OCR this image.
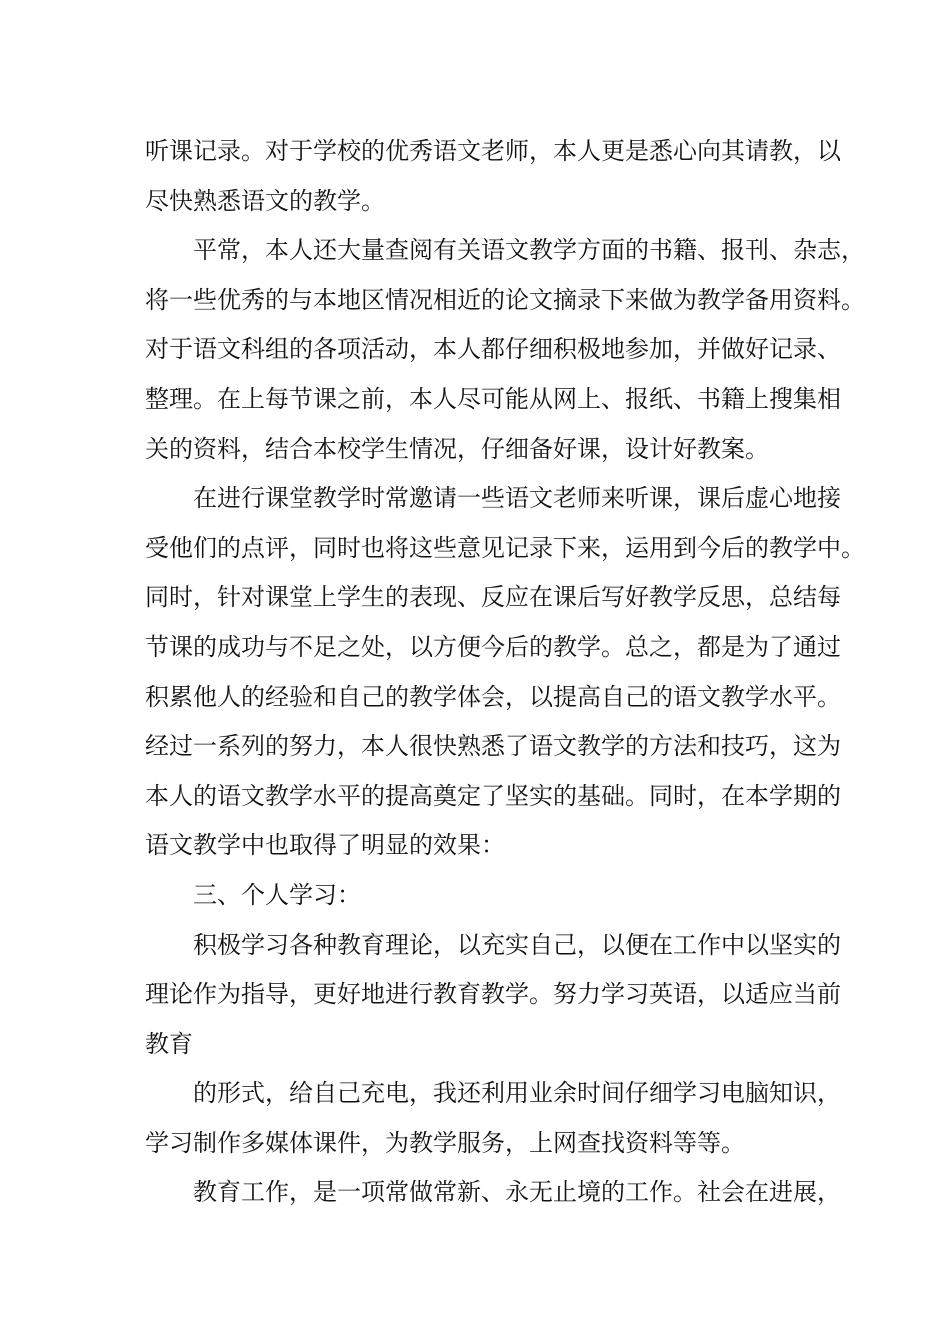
听课记录。对于学校的优秀语文老师，本人更是悉心向其请教，以
尽快熟悉语文的教学。
平常，本人还大量查阅有关语文教学方面的书籍、报刊、杂志，
将一些优秀的与本地区情况相近的论文摘录下来做为教学备用资料。
对于语文科组的各项活动，本人都仔细积极地参加，并做好记录、
整理。在上每节课之前，本人尽可能从网上、报纸、书籍上搜集相
关的资料，结合本校学生情况，仔细备好课，设计好教案。
在进行课堂教学时常邀请一些语文老师来听课，课后虚心地接
受他们的点评，同时也将这些意见记录下来，运用到今后的教学中。
同时，针对课堂上学生的表现、反应在课后写好教学反思，总结每
节课的成功与不足之处，以方便今后的教学。总之，都是为了通过
积累他人的经验和自己的教学体会，以提高自己的语文教学水平。
经过一系列的努力，本人很快熟悉了语文教学的方法和技巧，这为
本人的语文教学水平的提高奠定了坚实的基础。同时，在本学期的
语文教学中也取得了明显的效果：
三、个人学习：
积极学习各种教育理论，以充实自己，以便在工作中以坚实的
理论作为指导，更好地进行教育教学。努力学习英语，以适应当前
教育
的形式，给自己充电，我还利用业余时间仔细学习电脑知识，
学习制作多媒体课件，为教学服务，上网查找资料等等。
教育工作，是一项常做常新、永无止境的工作。社会在进展，
